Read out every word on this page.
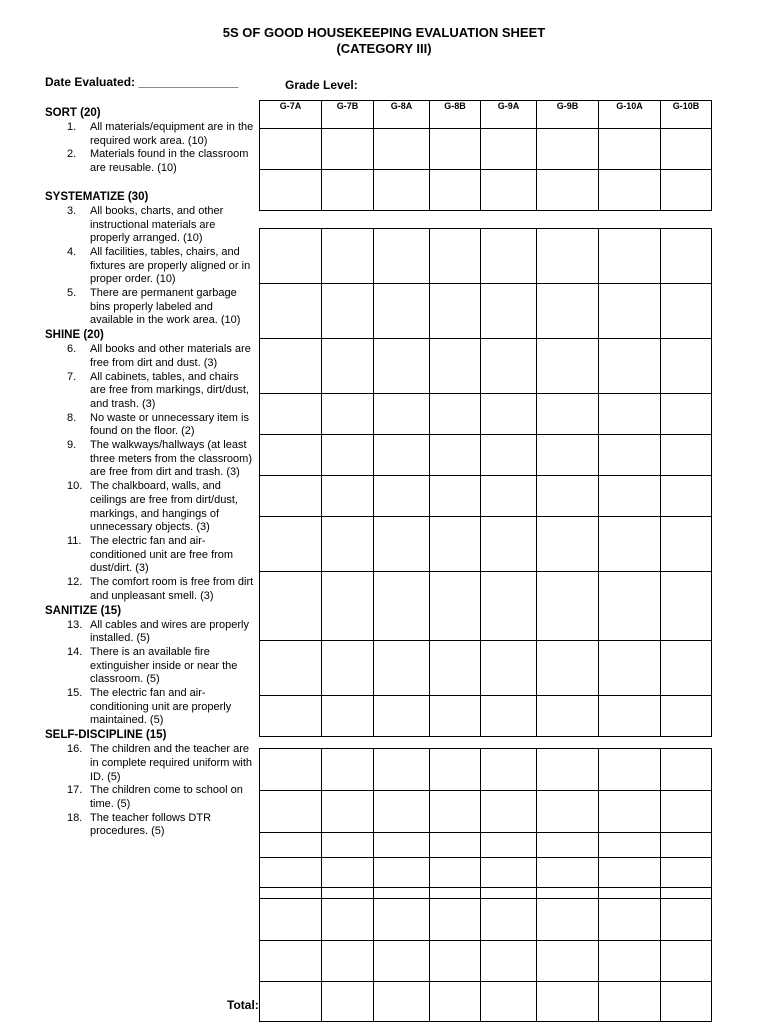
5S OF GOOD HOUSEKEEPING EVALUATION SHEET
(CATEGORY III)
Date Evaluated: _______________	Grade Level:
SORT (20)
1. All materials/equipment are in the required work area. (10)
2. Materials found in the classroom are reusable. (10)
SYSTEMATIZE (30)
3. All books, charts, and other instructional materials are properly arranged. (10)
4. All facilities, tables, chairs, and fixtures are properly aligned or in proper order. (10)
5. There are permanent garbage bins properly labeled and available in the work area. (10)
SHINE (20)
6. All books and other materials are free from dirt and dust. (3)
7. All cabinets, tables, and chairs are free from markings, dirt/dust, and trash. (3)
8. No waste or unnecessary item is found on the floor. (2)
9. The walkways/hallways (at least three meters from the classroom) are free from dirt and trash. (3)
10. The chalkboard, walls, and ceilings are free from dirt/dust, markings, and hangings of unnecessary objects. (3)
11. The electric fan and air-conditioned unit are free from dust/dirt. (3)
12. The comfort room is free from dirt and unpleasant smell. (3)
SANITIZE (15)
13. All cables and wires are properly installed. (5)
14. There is an available fire extinguisher inside or near the classroom. (5)
15. The electric fan and air-conditioning unit are properly maintained. (5)
SELF-DISCIPLINE (15)
16. The children and the teacher are in complete required uniform with ID. (5)
17. The children come to school on time. (5)
18. The teacher follows DTR procedures. (5)
G-7A	G-7B	G-8A	G-8B	G-9A	G-9B	G-10A	G-10B

Total:
